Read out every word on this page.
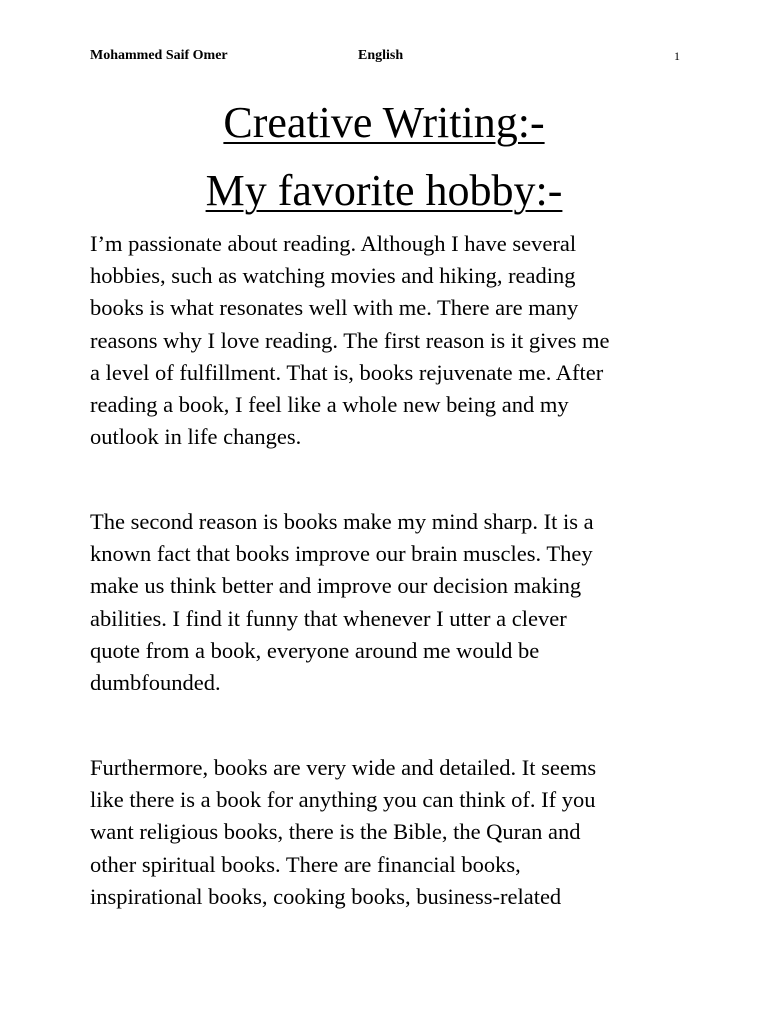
Mohammed Saif Omer	English	1
Creative Writing:-
My favorite hobby:-

I’m passionate about reading. Although I have several
hobbies, such as watching movies and hiking, reading
books is what resonates well with me. There are many
reasons why I love reading. The first reason is it gives me
a level of fulfillment. That is, books rejuvenate me. After
reading a book, I feel like a whole new being and my
outlook in life changes.

The second reason is books make my mind sharp. It is a
known fact that books improve our brain muscles. They
make us think better and improve our decision making
abilities. I find it funny that whenever I utter a clever
quote from a book, everyone around me would be
dumbfounded.

Furthermore, books are very wide and detailed. It seems
like there is a book for anything you can think of. If you
want religious books, there is the Bible, the Quran and
other spiritual books. There are financial books,
inspirational books, cooking books, business-related
